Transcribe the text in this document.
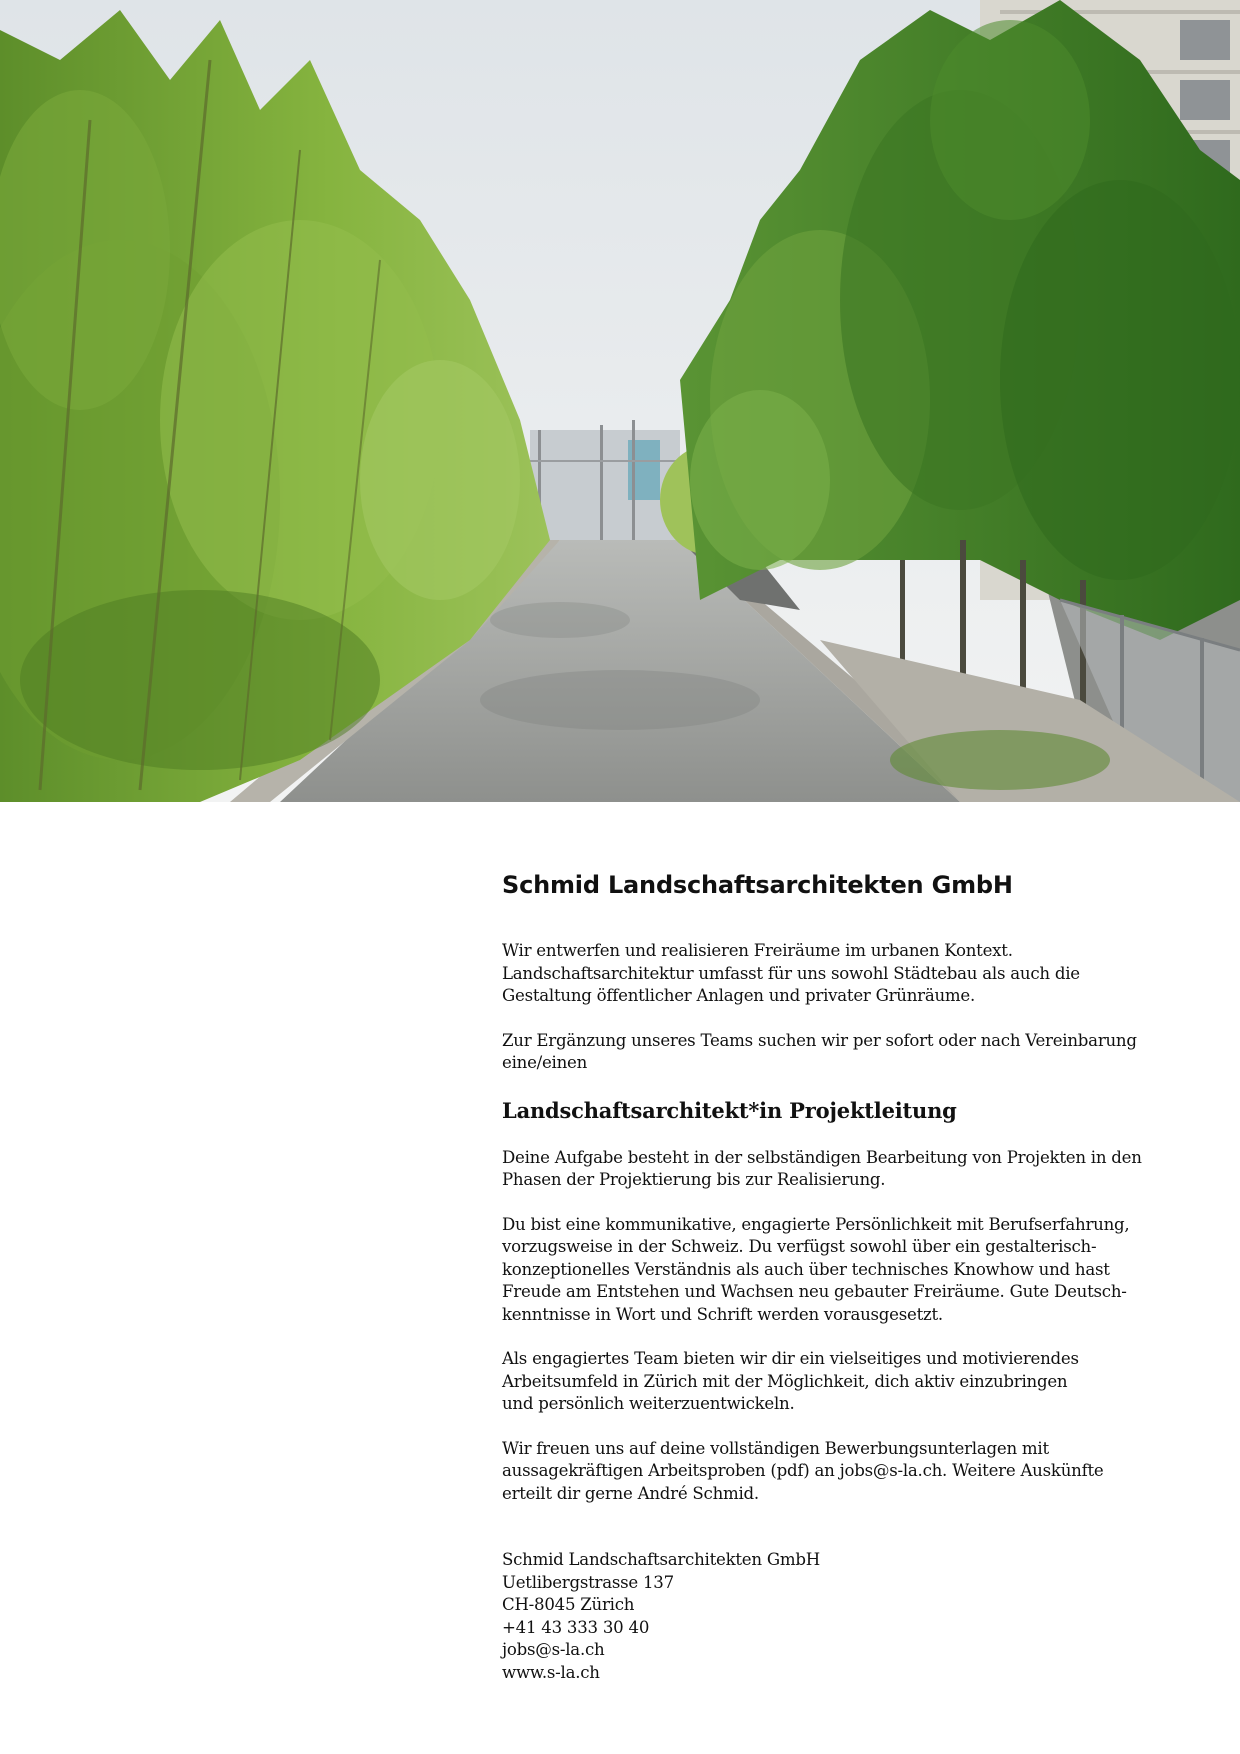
Schmid Landschaftsarchitekten GmbH

Wir entwerfen und realisieren Freiräume im urbanen Kontext.
Landschaftsarchitektur umfasst für uns sowohl Städtebau als auch die
Gestaltung öffentlicher Anlagen und privater Grünräume.

Zur Ergänzung unseres Teams suchen wir per sofort oder nach Vereinbarung
eine/einen

Landschaftsarchitekt*in Projektleitung

Deine Aufgabe besteht in der selbständigen Bearbeitung von Projekten in den
Phasen der Projektierung bis zur Realisierung.

Du bist eine kommunikative, engagierte Persönlichkeit mit Berufserfahrung,
vorzugsweise in der Schweiz. Du verfügst sowohl über ein gestalterisch-
konzeptionelles Verständnis als auch über technisches Knowhow und hast
Freude am Entstehen und Wachsen neu gebauter Freiräume. Gute Deutsch-
kenntnisse in Wort und Schrift werden vorausgesetzt.

Als engagiertes Team bieten wir dir ein vielseitiges und motivierendes
Arbeitsumfeld in Zürich mit der Möglichkeit, dich aktiv einzubringen
und persönlich weiterzuentwickeln.

Wir freuen uns auf deine vollständigen Bewerbungsunterlagen mit
aussagekräftigen Arbeitsproben (pdf) an jobs@s-la.ch. Weitere Auskünfte
erteilt dir gerne André Schmid.

Schmid Landschaftsarchitekten GmbH
Uetlibergstrasse 137
CH-8045 Zürich
+41 43 333 30 40
jobs@s-la.ch
www.s-la.ch
